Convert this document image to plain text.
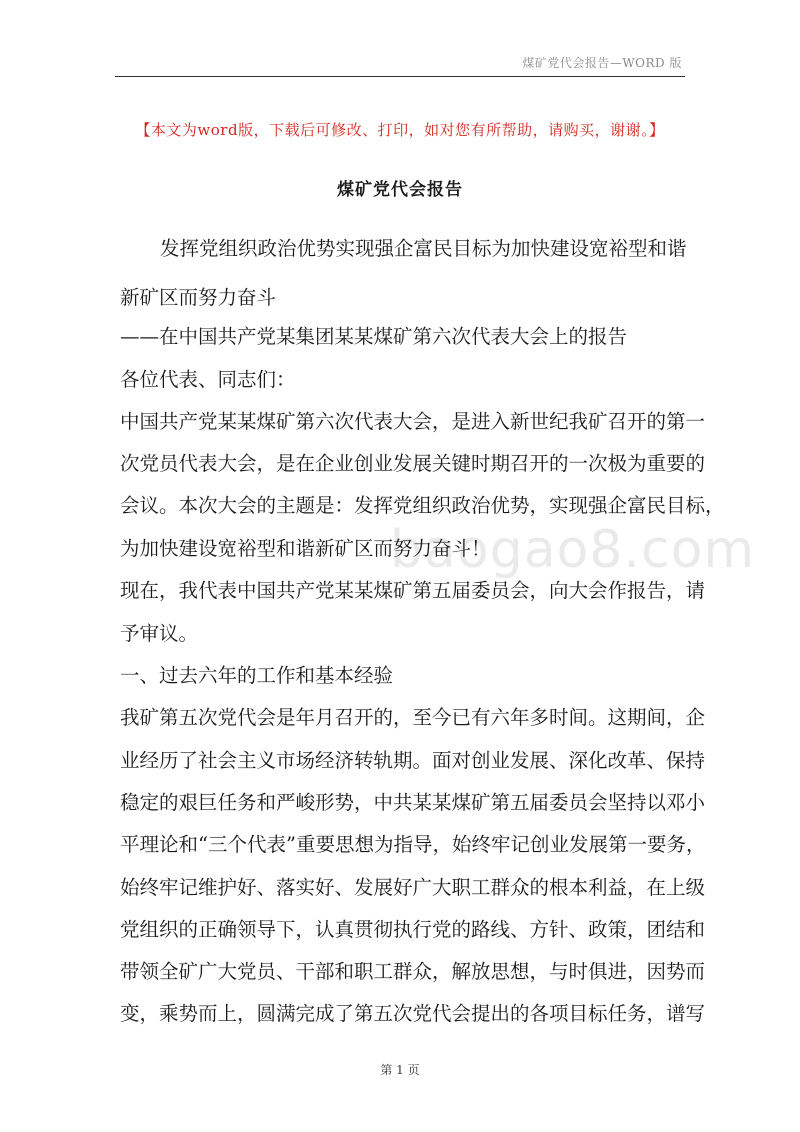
煤矿党代会报告—WORD 版
【本文为word版，下载后可修改、打印，如对您有所帮助，请购买，谢谢。】
煤矿党代会报告
baogao8.com
发挥党组织政治优势实现强企富民目标为加快建设宽裕型和谐
新矿区而努力奋斗
——在中国共产党某集团某某煤矿第六次代表大会上的报告
各位代表、同志们：
中国共产党某某煤矿第六次代表大会，是进入新世纪我矿召开的第一
次党员代表大会，是在企业创业发展关键时期召开的一次极为重要的
会议。本次大会的主题是：发挥党组织政治优势，实现强企富民目标，
为加快建设宽裕型和谐新矿区而努力奋斗！
现在，我代表中国共产党某某煤矿第五届委员会，向大会作报告，请
予审议。
一、过去六年的工作和基本经验
我矿第五次党代会是年月召开的，至今已有六年多时间。这期间，企
业经历了社会主义市场经济转轨期。面对创业发展、深化改革、保持
稳定的艰巨任务和严峻形势，中共某某煤矿第五届委员会坚持以邓小
平理论和“三个代表”重要思想为指导，始终牢记创业发展第一要务，
始终牢记维护好、落实好、发展好广大职工群众的根本利益，在上级
党组织的正确领导下，认真贯彻执行党的路线、方针、政策，团结和
带领全矿广大党员、干部和职工群众，解放思想，与时俱进，因势而
变，乘势而上，圆满完成了第五次党代会提出的各项目标任务，谱写
第 1 页
